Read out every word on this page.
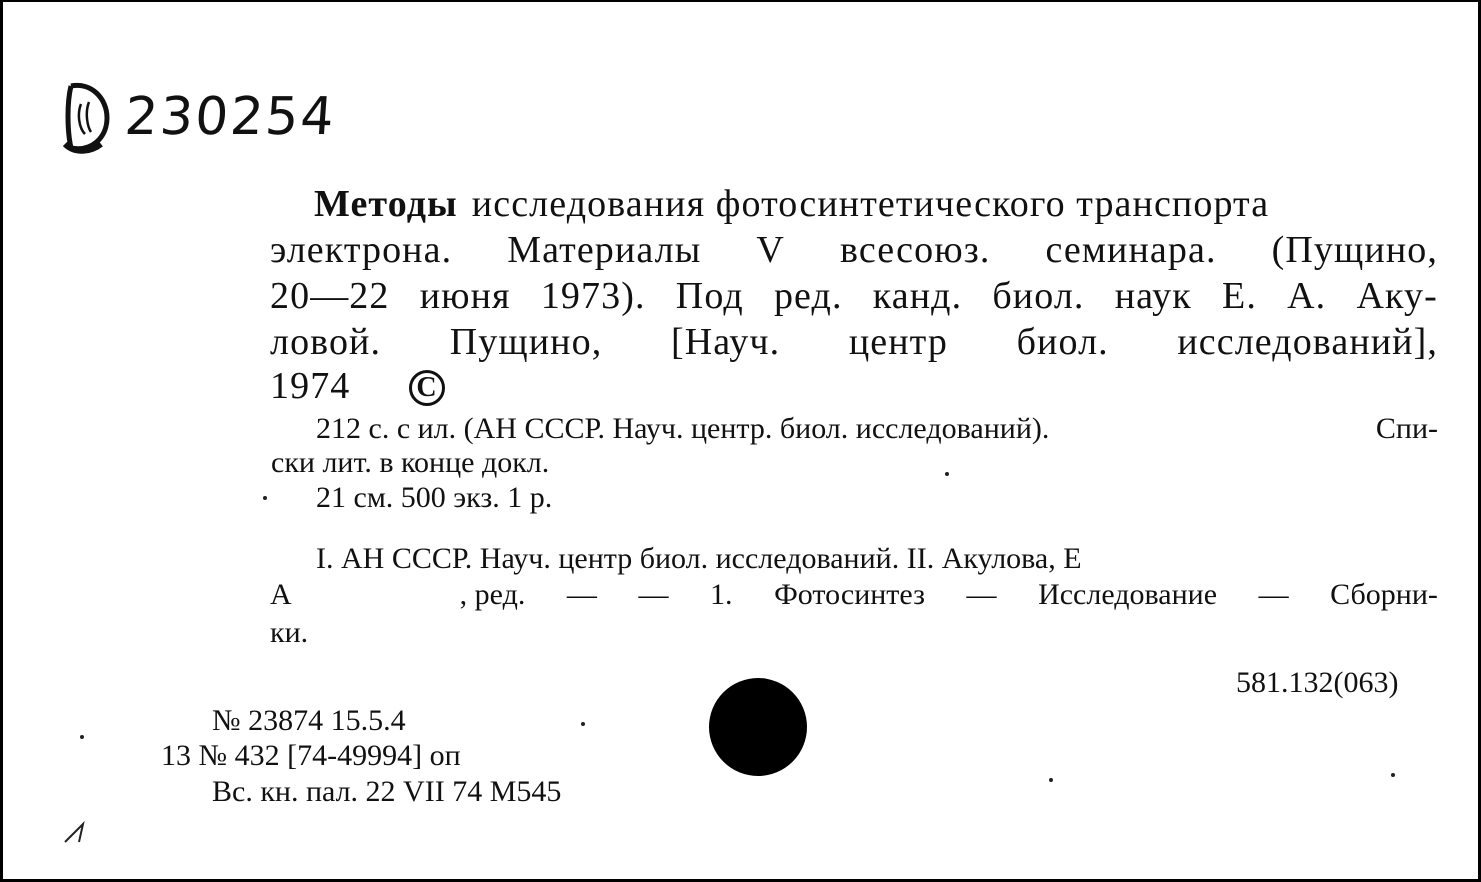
230254
Методы исследования фотосинтетического транспорта
электрона. Материалы V всесоюз. семинара. (Пущино,
20—22 июня 1973). Под ред. канд. биол. наук Е. А. Аку-
ловой. Пущино, [Науч. центр биол. исследований],
1974 C
212 с. с ил. (АН СССР. Науч. центр. биол. исследований).	Спи-
ски лит. в конце докл.
21 см. 500 экз. 1 р.
I. АН СССР. Науч. центр биол. исследований. II. Акулова, Е
А	, ред. — — 1. Фотосинтез — Исследование — Сборни-
ки.
581.132(063)
№ 23874 15.5.4
13 № 432 [74-49994] оп
Вс. кн. пал. 22 VII 74 М545
